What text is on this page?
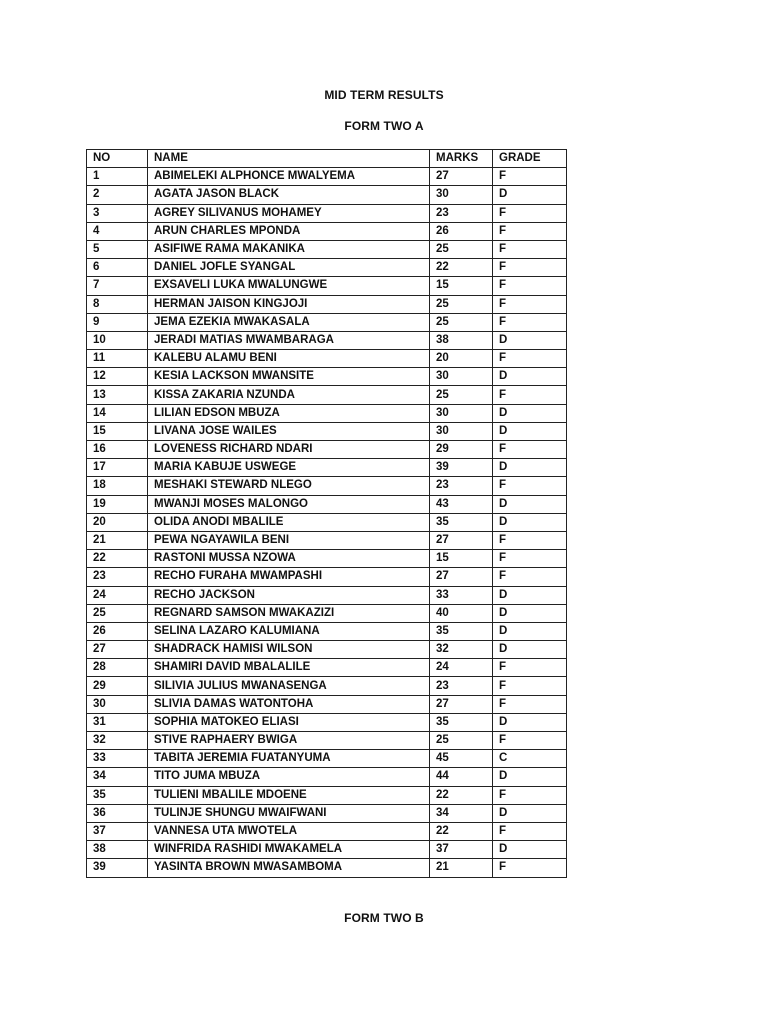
MID TERM RESULTS
FORM TWO A
NO	NAME	MARKS	GRADE
1	ABIMELEKI ALPHONCE MWALYEMA	27	F
2	AGATA JASON BLACK	30	D
3	AGREY SILIVANUS MOHAMEY	23	F
4	ARUN CHARLES MPONDA	26	F
5	ASIFIWE RAMA MAKANIKA	25	F
6	DANIEL JOFLE SYANGAL	22	F
7	EXSAVELI LUKA MWALUNGWE	15	F
8	HERMAN JAISON KINGJOJI	25	F
9	JEMA EZEKIA MWAKASALA	25	F
10	JERADI MATIAS MWAMBARAGA	38	D
11	KALEBU ALAMU BENI	20	F
12	KESIA LACKSON MWANSITE	30	D
13	KISSA ZAKARIA NZUNDA	25	F
14	LILIAN EDSON MBUZA	30	D
15	LIVANA JOSE WAILES	30	D
16	LOVENESS RICHARD NDARI	29	F
17	MARIA KABUJE USWEGE	39	D
18	MESHAKI STEWARD NLEGO	23	F
19	MWANJI MOSES MALONGO	43	D
20	OLIDA ANODI MBALILE	35	D
21	PEWA NGAYAWILA BENI	27	F
22	RASTONI MUSSA NZOWA	15	F
23	RECHO FURAHA MWAMPASHI	27	F
24	RECHO JACKSON	33	D
25	REGNARD SAMSON MWAKAZIZI	40	D
26	SELINA LAZARO KALUMIANA	35	D
27	SHADRACK HAMISI WILSON	32	D
28	SHAMIRI DAVID MBALALILE	24	F
29	SILIVIA JULIUS MWANASENGA	23	F
30	SLIVIA DAMAS WATONTOHA	27	F
31	SOPHIA MATOKEO ELIASI	35	D
32	STIVE RAPHAERY BWIGA	25	F
33	TABITA JEREMIA FUATANYUMA	45	C
34	TITO JUMA MBUZA	44	D
35	TULIENI MBALILE MDOENE	22	F
36	TULINJE SHUNGU MWAIFWANI	34	D
37	VANNESA UTA MWOTELA	22	F
38	WINFRIDA RASHIDI MWAKAMELA	37	D
39	YASINTA BROWN MWASAMBOMA	21	F
FORM TWO B
